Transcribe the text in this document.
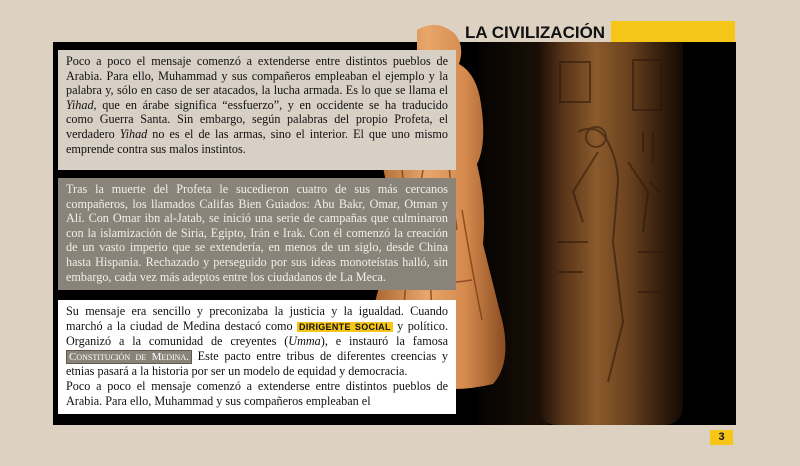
LA CIVILIZACIÓN

Poco a poco el mensaje comenzó a extenderse entre distintos pueblos de Arabia. Para ello, Muhammad y sus compañeros empleaban el ejemplo y la palabra y, sólo en caso de ser atacados, la lucha armada. Es lo que se llama el Yihad, que en árabe significa “essfuerzo”, y en occidente se ha traducido como Guerra Santa. Sin embargo, según palabras del propio Profeta, el verdadero Yihad no es el de las armas, sino el interior. El que uno mismo emprende contra sus malos instintos.

Tras la muerte del Profeta le sucedieron cuatro de sus más cercanos compañeros, los llamados Califas Bien Guiados: Abu Bakr, Omar, Otman y Alí. Con Omar ibn al-Jatab, se inició una serie de campañas que culminaron con la islamización de Siria, Egipto, Irán e Irak. Con él comenzó la creación de un vasto imperio que se extendería, en menos de un siglo, desde China hasta Hispania. Rechazado y perseguido por sus ideas monoteístas halló, sin embargo, cada vez más adeptos entre los ciudadanos de La Meca.

Su mensaje era sencillo y preconizaba la justicia y la igualdad. Cuando marchó a la ciudad de Medina destacó como DIRIGENTE SOCIAL y político. Organizó a la comunidad de creyentes (Umma), e instauró la famosa Constitución de Medina. Este pacto entre tribus de diferentes creencias y etnias pasará a la historia por ser un modelo de equidad y democracia.

Poco a poco el mensaje comenzó a extenderse entre distintos pueblos de Arabia. Para ello, Muhammad y sus compañeros empleaban el

3
